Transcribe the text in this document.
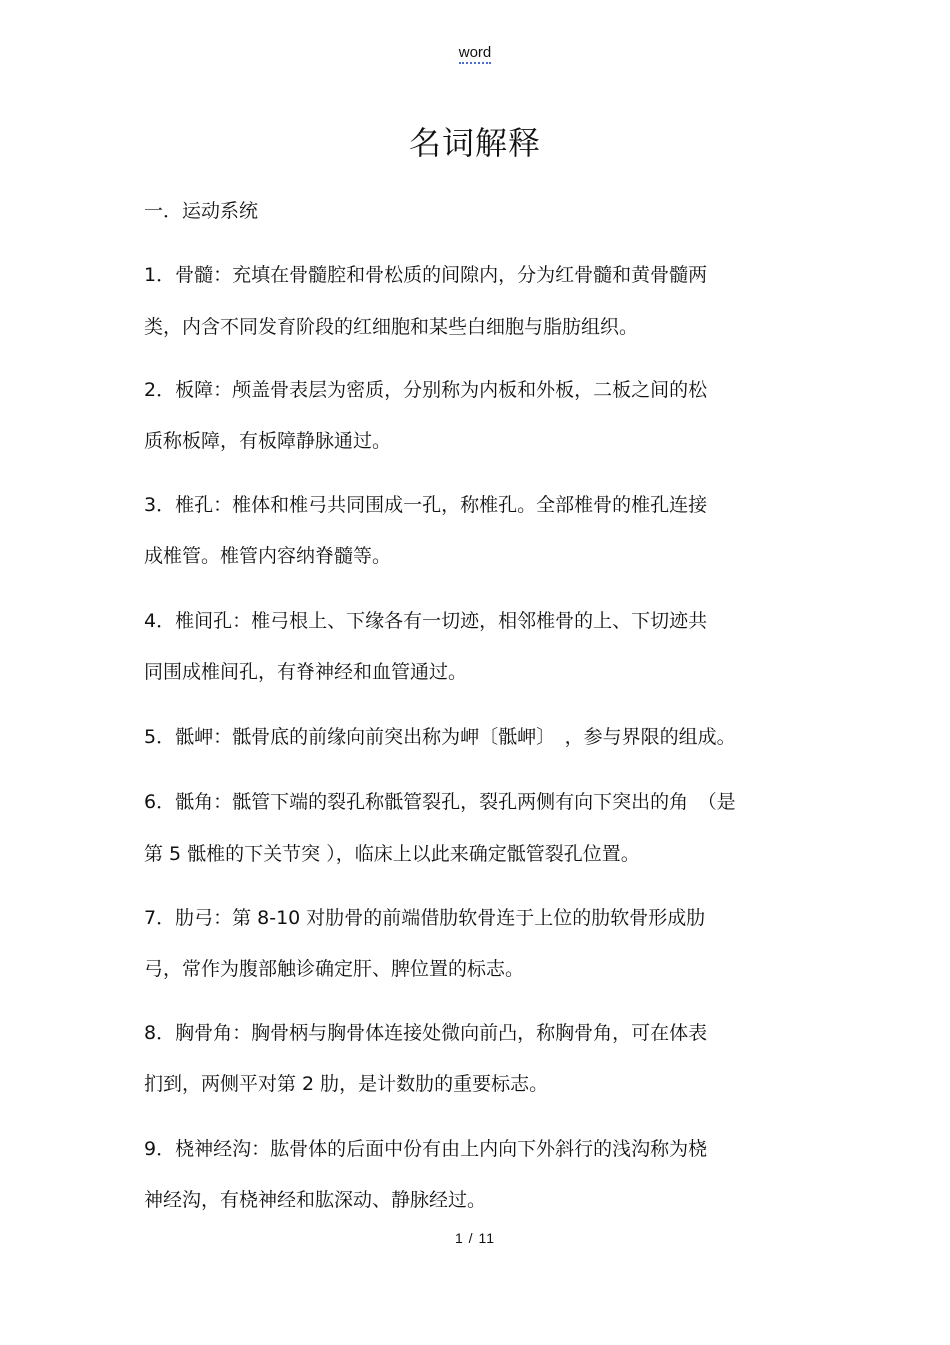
word
名词解释
一．运动系统
1．骨髓：充填在骨髓腔和骨松质的间隙内，分为红骨髓和黄骨髓两
类，内含不同发育阶段的红细胞和某些白细胞与脂肪组织。
2．板障：颅盖骨表层为密质，分别称为内板和外板，二板之间的松
质称板障，有板障静脉通过。
3．椎孔：椎体和椎弓共同围成一孔，称椎孔。全部椎骨的椎孔连接
成椎管。椎管内容纳脊髓等。
4．椎间孔：椎弓根上、下缘各有一切迹，相邻椎骨的上、下切迹共
同围成椎间孔，有脊神经和血管通过。
5．骶岬：骶骨底的前缘向前突出称为岬〔骶岬〕　，参与界限的组成。
6．骶角：骶管下端的裂孔称骶管裂孔，裂孔两侧有向下突出的角　（是
第 5 骶椎的下关节突 ），临床上以此来确定骶管裂孔位置。
7．肋弓：第 8-10 对肋骨的前端借肋软骨连于上位的肋软骨形成肋
弓，常作为腹部触诊确定肝、脾位置的标志。
8．胸骨角：胸骨柄与胸骨体连接处微向前凸，称胸骨角，可在体表
扪到，两侧平对第 2 肋，是计数肋的重要标志。
9．桡神经沟：肱骨体的后面中份有由上内向下外斜行的浅沟称为桡
神经沟，有桡神经和肱深动、静脉经过。
1 / 11
